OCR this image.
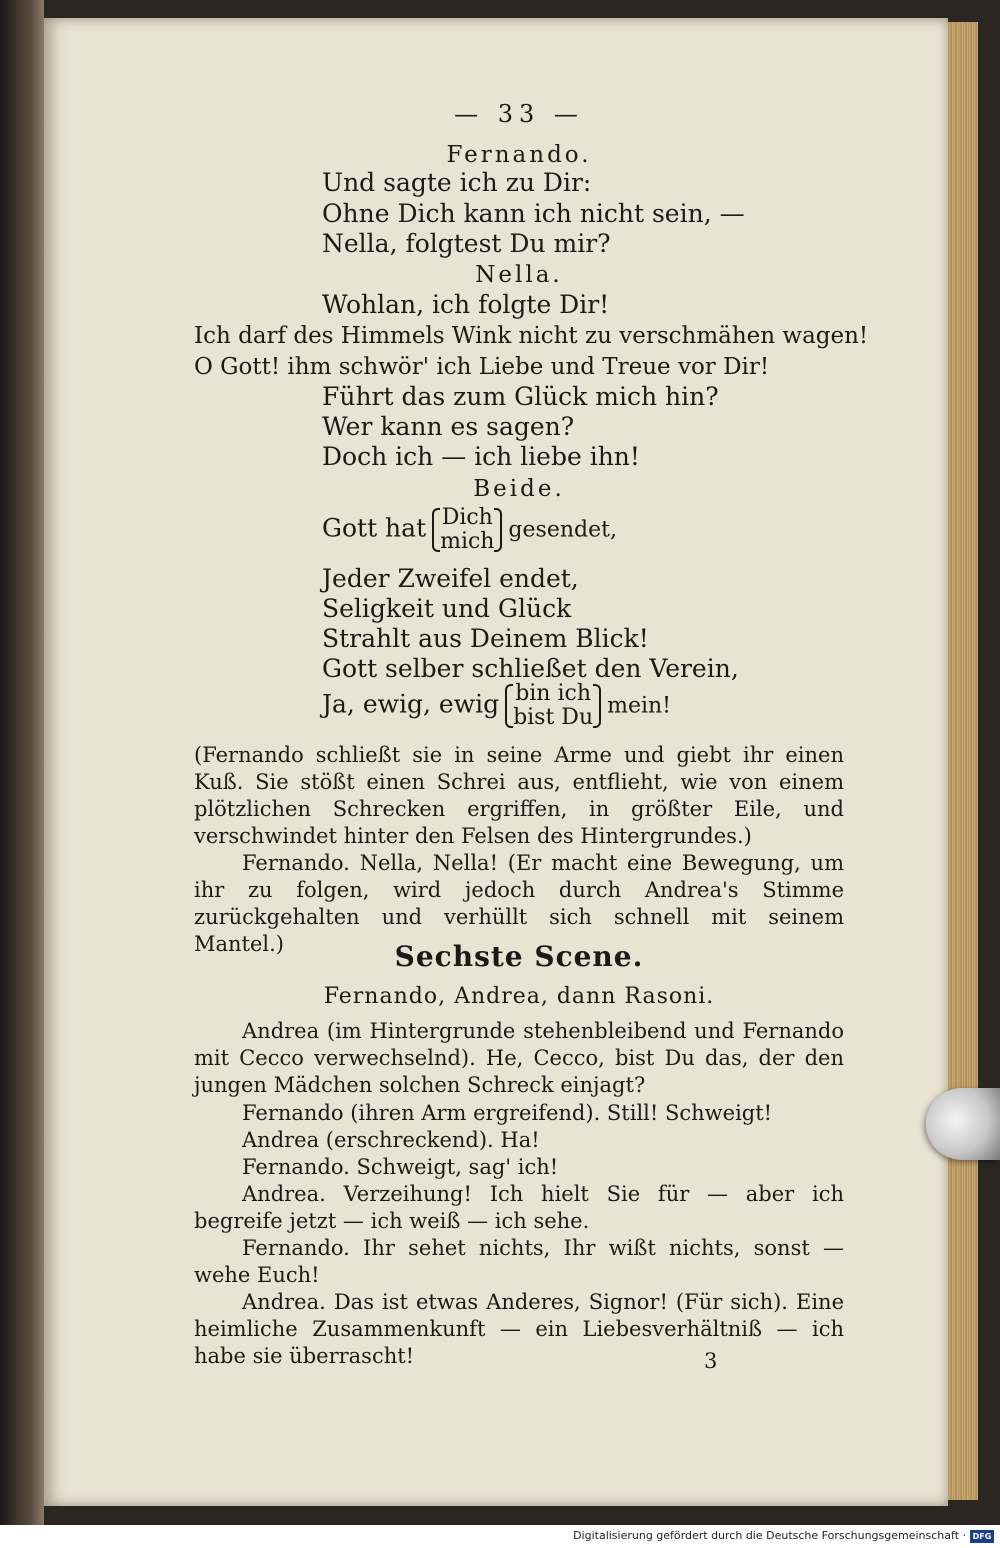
— 33 —
Fernando.
Und sagte ich zu Dir:
Ohne Dich kann ich nicht sein, —
Nella, folgtest Du mir?
Nella.
Wohlan, ich folgte Dir!
Ich darf des Himmels Wink nicht zu verschmähen wagen!
O Gott! ihm schwör' ich Liebe und Treue vor Dir!
Führt das zum Glück mich hin?
Wer kann es sagen?
Doch ich — ich liebe ihn!
Beide.
Gott hat Dich
mich gesendet,
Jeder Zweifel endet,
Seligkeit und Glück
Strahlt aus Deinem Blick!
Gott selber schließet den Verein,
Ja, ewig, ewig bin ich
bist Du mein!
(Fernando schließt sie in seine Arme und giebt ihr einen Kuß. Sie stößt einen Schrei aus, entflieht, wie von einem plötzlichen Schrecken ergriffen, in größter Eile, und verschwindet hinter den Felsen des Hintergrundes.)
Fernando. Nella, Nella! (Er macht eine Bewegung, um ihr zu folgen, wird jedoch durch Andrea's Stimme zurückgehalten und verhüllt sich schnell mit seinem Mantel.)	Sechste Scene.
Fernando, Andrea, dann Rasoni.
Andrea (im Hintergrunde stehenbleibend und Fernando mit Cecco verwechselnd). He, Cecco, bist Du das, der den jungen Mädchen solchen Schreck einjagt?
Fernando (ihren Arm ergreifend). Still! Schweigt!
Andrea (erschreckend). Ha!
Fernando. Schweigt, sag' ich!
Andrea. Verzeihung! Ich hielt Sie für — aber ich begreife jetzt — ich weiß — ich sehe.
Fernando. Ihr sehet nichts, Ihr wißt nichts, sonst — wehe Euch!
Andrea. Das ist etwas Anderes, Signor! (Für sich). Eine heimliche Zusammenkunft — ein Liebesverhältniß — ich habe sie überrascht!	3
Digitalisierung gefördert durch die Deutsche Forschungsgemeinschaft · DFG
